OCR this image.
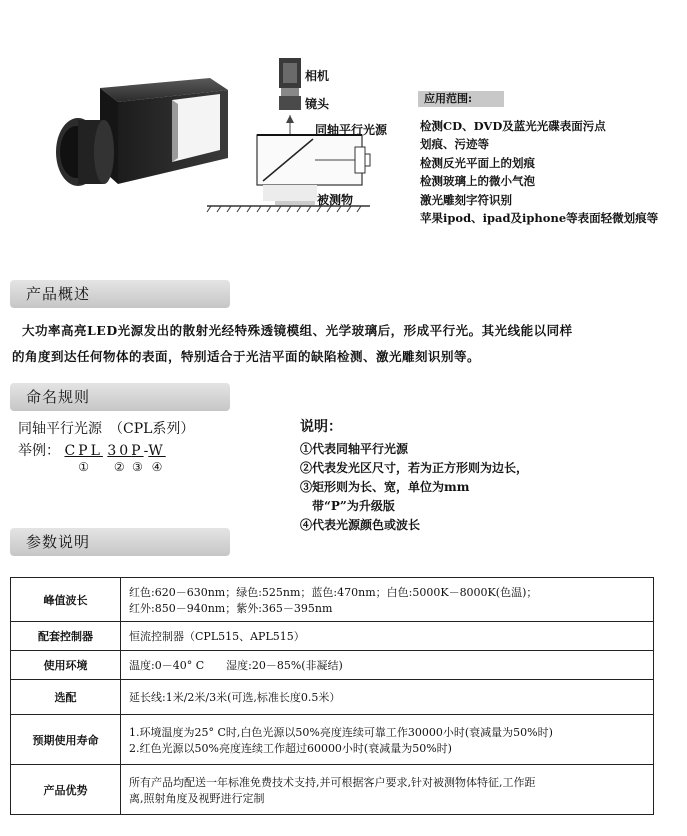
相机
镜头
同轴平行光源
被测物
应用范围:
检测CD、DVD及蓝光光碟表面污点
划痕、污迹等
检测反光平面上的划痕
检测玻璃上的微小气泡
激光雕刻字符识别
苹果ipod、ipad及iphone等表面轻微划痕等
产品概述

大功率高亮LED光源发出的散射光经特殊透镜模组、光学玻璃后，形成平行光。其光线能以同样

的角度到达任何物体的表面，特别适合于光洁平面的缺陷检测、激光雕刻识别等。

命名规则
同轴平行光源　（CPL系列）
举例： CPL
①
30
②
P
③
-W
④
说明：
①代表同轴平行光源
②代表发光区尺寸，若为正方形则为边长，
③矩形则为长、宽，单位为mm
　带“P”为升级版
④代表光源颜色或波长
参数说明
峰值波长	红色:620－630nm；绿色:525nm；蓝色:470nm；白色:5000K－8000K(色温)；
红外:850－940nm；紫外:365－395nm
配套控制器	恒流控制器（CPL515、APL515）
使用环境	温度:0－40° C　　湿度:20－85%(非凝结)
选配	延长线:1米/2米/3米(可选,标准长度0.5米）
预期使用寿命	1.环境温度为25° C时,白色光源以50%亮度连续可靠工作30000小时(衰减量为50%时)
2.红色光源以50%亮度连续工作超过60000小时(衰减量为50%时)
产品优势	所有产品均配送一年标准免费技术支持,并可根据客户要求,针对被测物体特征,工作距
离,照射角度及视野进行定制
